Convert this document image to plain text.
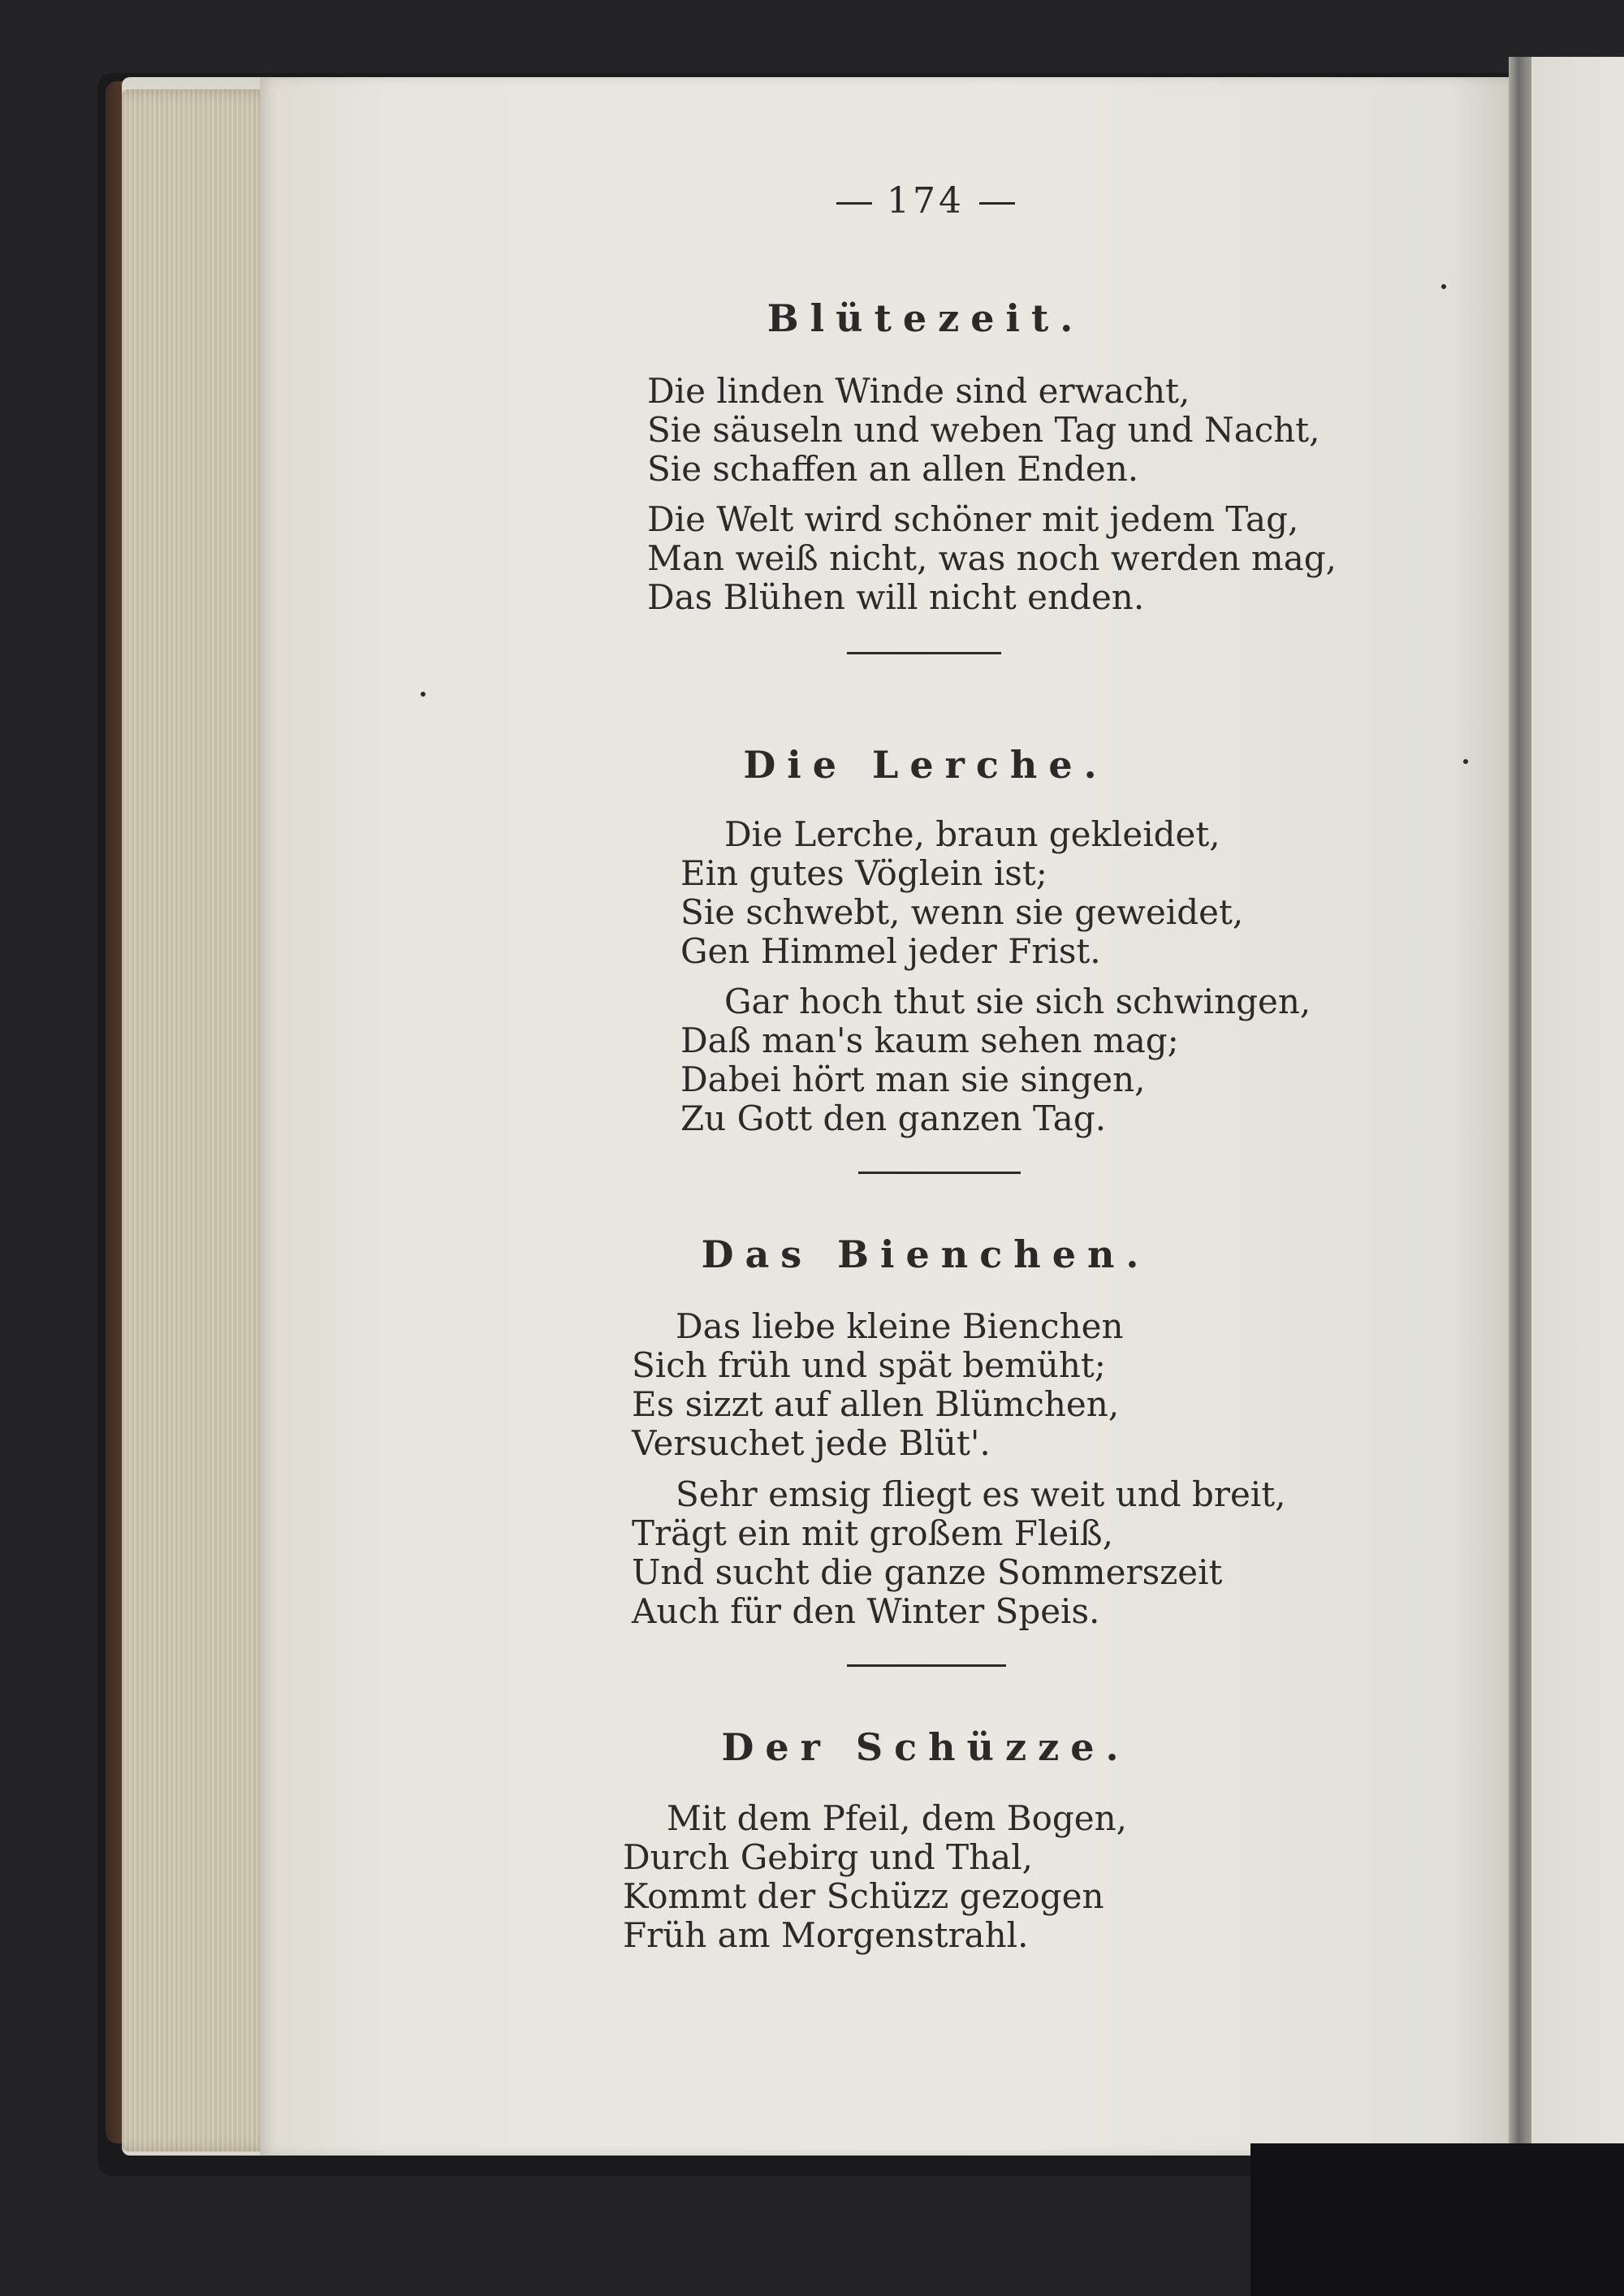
174
Blütezeit.
Die linden Winde sind erwacht,
Sie säuseln und weben Tag und Nacht,
Sie schaffen an allen Enden.
Die Welt wird schöner mit jedem Tag,
Man weiß nicht, was noch werden mag,
Das Blühen will nicht enden.
Die Lerche.
Die Lerche, braun gekleidet,
Ein gutes Vöglein ist;
Sie schwebt, wenn sie geweidet,
Gen Himmel jeder Frist.
Gar hoch thut sie sich schwingen,
Daß man's kaum sehen mag;
Dabei hört man sie singen,
Zu Gott den ganzen Tag.
Das Bienchen.
Das liebe kleine Bienchen
Sich früh und spät bemüht;
Es sizzt auf allen Blümchen,
Versuchet jede Blüt'.
Sehr emsig fliegt es weit und breit,
Trägt ein mit großem Fleiß,
Und sucht die ganze Sommerszeit
Auch für den Winter Speis.
Der Schüzze.
Mit dem Pfeil, dem Bogen,
Durch Gebirg und Thal,
Kommt der Schüzz gezogen
Früh am Morgenstrahl.
